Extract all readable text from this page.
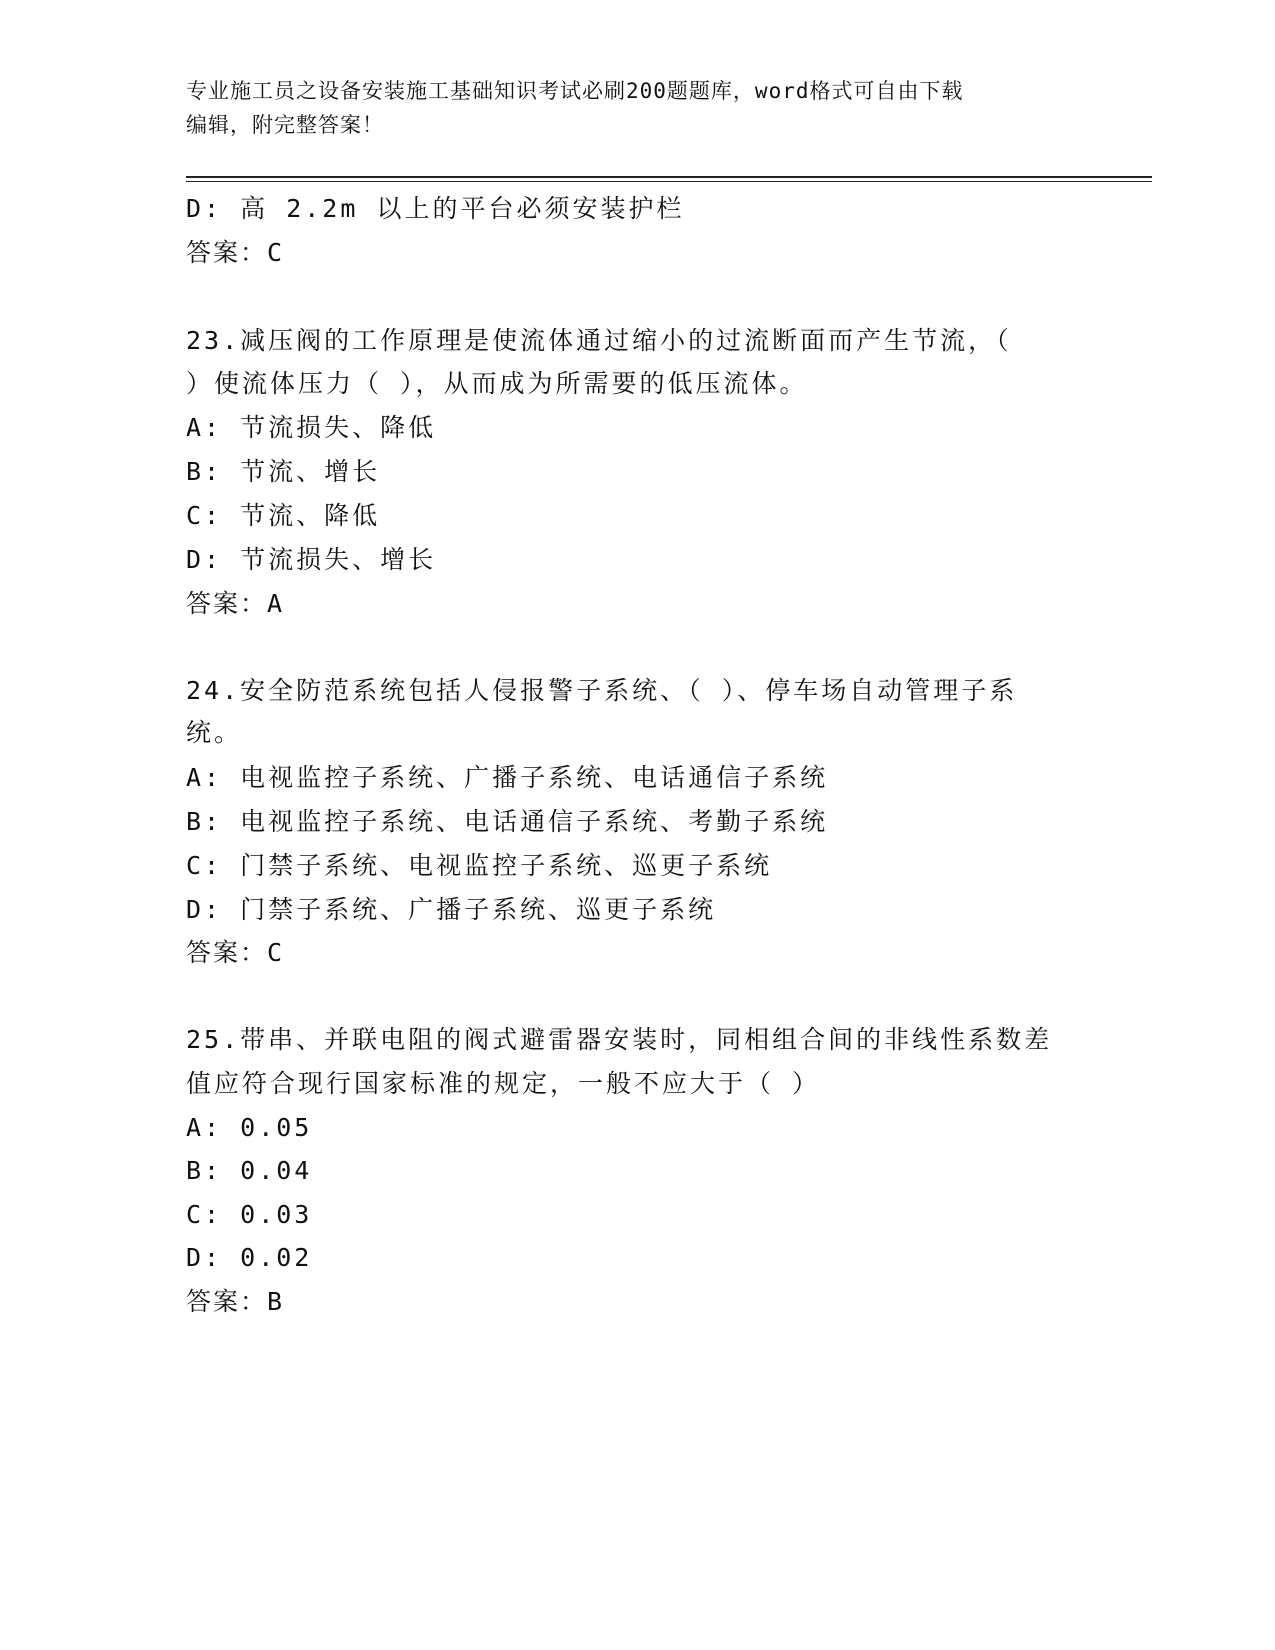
专业施工员之设备安装施工基础知识考试必刷200题题库，word格式可自由下载
编辑，附完整答案！
D: 高 2.2m 以上的平台必须安装护栏
答案：C
23.减压阀的工作原理是使流体通过缩小的过流断面而产生节流，（
）使流体压力（ ），从而成为所需要的低压流体。
A: 节流损失、降低
B: 节流、增长
C: 节流、降低
D: 节流损失、增长
答案：A
24.安全防范系统包括人侵报警子系统、（ ）、停车场自动管理子系
统。
A: 电视监控子系统、广播子系统、电话通信子系统
B: 电视监控子系统、电话通信子系统、考勤子系统
C: 门禁子系统、电视监控子系统、巡更子系统
D: 门禁子系统、广播子系统、巡更子系统
答案：C
25.带串、并联电阻的阀式避雷器安装时，同相组合间的非线性系数差
值应符合现行国家标准的规定，一般不应大于（ ）
A: 0.05
B: 0.04
C: 0.03
D: 0.02
答案：B
